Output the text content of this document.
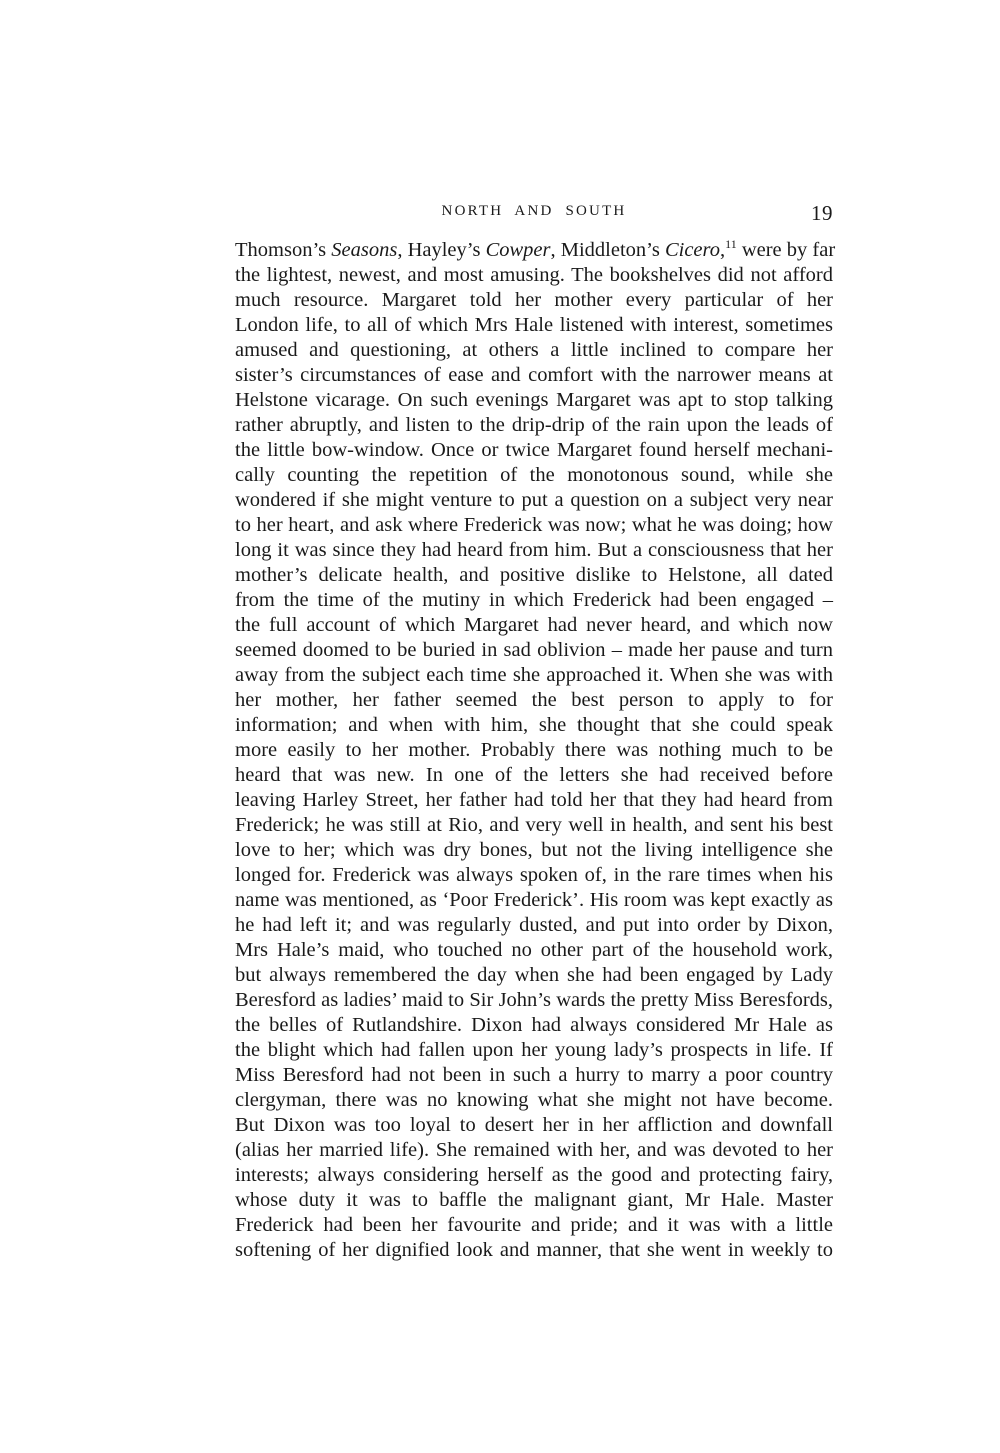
NORTH AND SOUTH	19
Thomson’s Seasons, Hayley’s Cowper, Middleton’s Cicero,$^{11}$ were by far
the lightest, newest, and most amusing. The bookshelves did not afford
much resource. Margaret told her mother every particular of her
London life, to all of which Mrs Hale listened with interest, sometimes
amused and questioning, at others a little inclined to compare her
sister’s circumstances of ease and comfort with the narrower means at
Helstone vicarage. On such evenings Margaret was apt to stop talking
rather abruptly, and listen to the drip-drip of the rain upon the leads of
the little bow-window. Once or twice Margaret found herself mechani-
cally counting the repetition of the monotonous sound, while she
wondered if she might venture to put a question on a subject very near
to her heart, and ask where Frederick was now; what he was doing; how
long it was since they had heard from him. But a consciousness that her
mother’s delicate health, and positive dislike to Helstone, all dated
from the time of the mutiny in which Frederick had been engaged –
the full account of which Margaret had never heard, and which now
seemed doomed to be buried in sad oblivion – made her pause and turn
away from the subject each time she approached it. When she was with
her mother, her father seemed the best person to apply to for
information; and when with him, she thought that she could speak
more easily to her mother. Probably there was nothing much to be
heard that was new. In one of the letters she had received before
leaving Harley Street, her father had told her that they had heard from
Frederick; he was still at Rio, and very well in health, and sent his best
love to her; which was dry bones, but not the living intelligence she
longed for. Frederick was always spoken of, in the rare times when his
name was mentioned, as ‘Poor Frederick’. His room was kept exactly as
he had left it; and was regularly dusted, and put into order by Dixon,
Mrs Hale’s maid, who touched no other part of the household work,
but always remembered the day when she had been engaged by Lady
Beresford as ladies’ maid to Sir John’s wards the pretty Miss Beresfords,
the belles of Rutlandshire. Dixon had always considered Mr Hale as
the blight which had fallen upon her young lady’s prospects in life. If
Miss Beresford had not been in such a hurry to marry a poor country
clergyman, there was no knowing what she might not have become.
But Dixon was too loyal to desert her in her affliction and downfall
(alias her married life). She remained with her, and was devoted to her
interests; always considering herself as the good and protecting fairy,
whose duty it was to baffle the malignant giant, Mr Hale. Master
Frederick had been her favourite and pride; and it was with a little
softening of her dignified look and manner, that she went in weekly to
